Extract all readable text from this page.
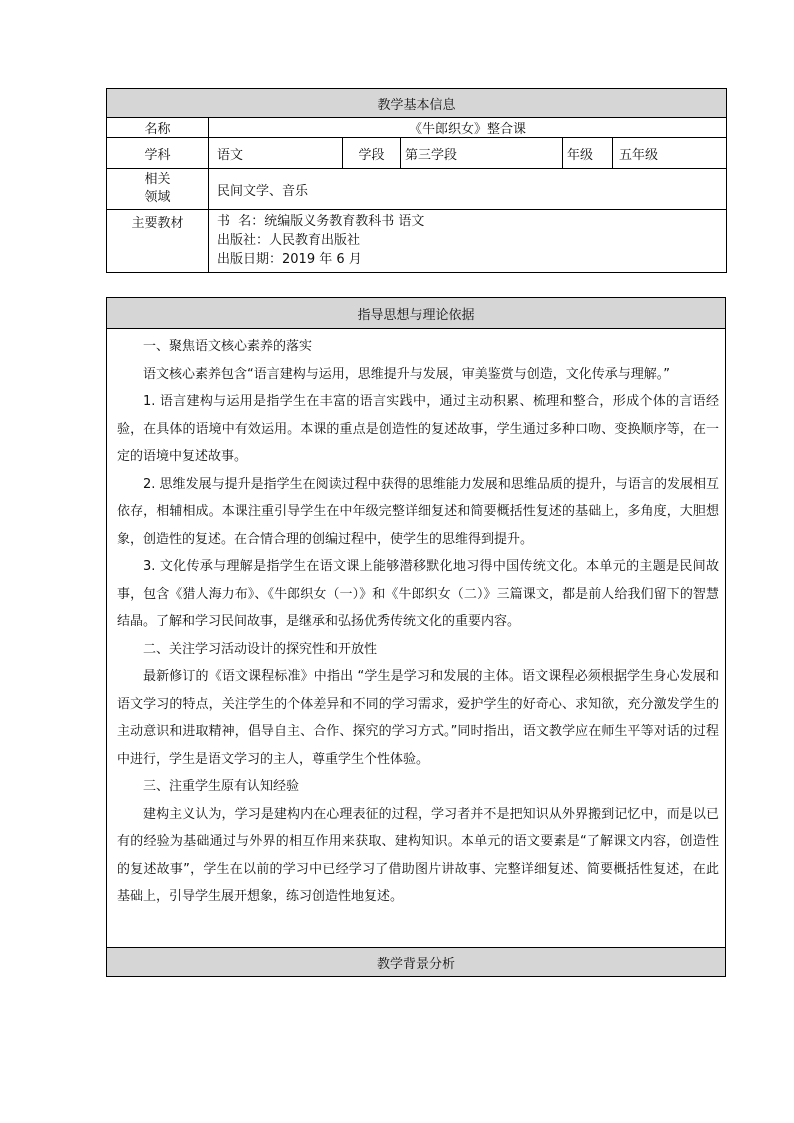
教学基本信息					
名称	《牛郎织女》整合课				
学科	语文	学段	第三学段	年级	五年级

相关
领域	民间文学、音乐				
主要教材	书  名：统编版义务教育教科书 语文
出版社：人民教育出版社
出版日期：2019 年 6 月				
指导思想与理论依据

一、聚焦语文核心素养的落实

语文核心素养包含“语言建构与运用，思维提升与发展，审美鉴赏与创造，文化传承与理解。”

1. 语言建构与运用是指学生在丰富的语言实践中，通过主动积累、梳理和整合，形成个体的言语经验，在具体的语境中有效运用。本课的重点是创造性的复述故事，学生通过多种口吻、变换顺序等，在一定的语境中复述故事。

2. 思维发展与提升是指学生在阅读过程中获得的思维能力发展和思维品质的提升，与语言的发展相互依存，相辅相成。本课注重引导学生在中年级完整详细复述和简要概括性复述的基础上，多角度，大胆想象，创造性的复述。在合情合理的创编过程中，使学生的思维得到提升。

3. 文化传承与理解是指学生在语文课上能够潜移默化地习得中国传统文化。本单元的主题是民间故事，包含《猎人海力布》、《牛郎织女（一）》和《牛郎织女（二）》三篇课文，都是前人给我们留下的智慧结晶。了解和学习民间故事，是继承和弘扬优秀传统文化的重要内容。

二、关注学习活动设计的探究性和开放性

最新修订的《语文课程标准》中指出 “学生是学习和发展的主体。语文课程必须根据学生身心发展和语文学习的特点，关注学生的个体差异和不同的学习需求，爱护学生的好奇心、求知欲，充分激发学生的主动意识和进取精神，倡导自主、合作、探究的学习方式。”同时指出，语文教学应在师生平等对话的过程中进行，学生是语文学习的主人，尊重学生个性体验。

三、注重学生原有认知经验

建构主义认为，学习是建构内在心理表征的过程，学习者并不是把知识从外界搬到记忆中，而是以已有的经验为基础通过与外界的相互作用来获取、建构知识。本单元的语文要素是“了解课文内容，创造性的复述故事”，学生在以前的学习中已经学习了借助图片讲故事、完整详细复述、简要概括性复述，在此基础上，引导学生展开想象，练习创造性地复述。

教学背景分析
